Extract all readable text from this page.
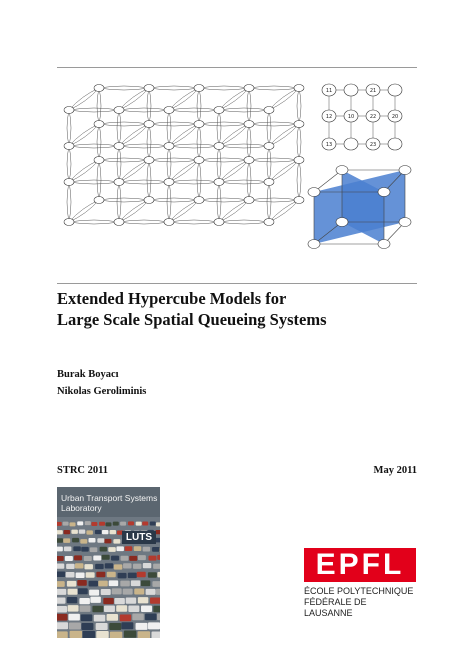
11	21
12	22
13	23
10	20
Extended Hypercube Models for
Large Scale Spatial Queueing Systems
Burak Boyacı
Nikolas Geroliminis
STRC 2011	May 2011
Urban Transport Systems
Laboratory
LUTS
EPFL
ÉCOLE POLYTECHNIQUE
FÉDÉRALE DE LAUSANNE
